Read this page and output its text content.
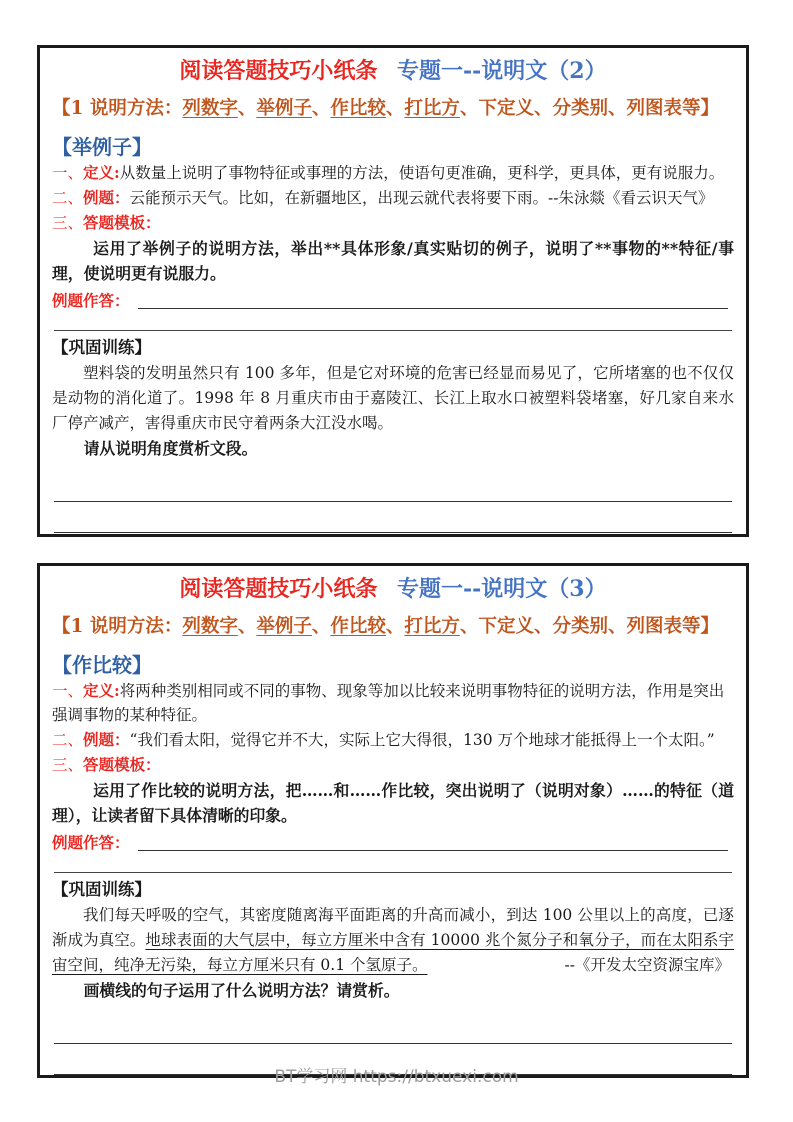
阅读答题技巧小纸条 专题一--说明文（2）
【1 说明方法：列数字、举例子、作比较、打比方、下定义、分类别、列图表等】
【举例子】
一、定义:从数量上说明了事物特征或事理的方法，使语句更准确，更科学，更具体，更有说服力。
二、例题：云能预示天气。比如，在新疆地区，出现云就代表将要下雨。--朱泳燚《看云识天气》
三、答题模板：
运用了举例子的说明方法，举出**具体形象/真实贴切的例子，说明了**事物的**特征/事理，使说明更有说服力。
例题作答：
【巩固训练】
塑料袋的发明虽然只有 100 多年，但是它对环境的危害已经显而易见了，它所堵塞的也不仅仅是动物的消化道了。1998 年 8 月重庆市由于嘉陵江、长江上取水口被塑料袋堵塞，好几家自来水厂停产减产，害得重庆市民守着两条大江没水喝。
请从说明角度赏析文段。
阅读答题技巧小纸条 专题一--说明文（3）
【1 说明方法：列数字、举例子、作比较、打比方、下定义、分类别、列图表等】
【作比较】
一、定义:将两种类别相同或不同的事物、现象等加以比较来说明事物特征的说明方法，作用是突出强调事物的某种特征。
二、例题：“我们看太阳，觉得它并不大，实际上它大得很，130 万个地球才能抵得上一个太阳。”
三、答题模板：
运用了作比较的说明方法，把……和……作比较，突出说明了（说明对象）……的特征（道理），让读者留下具体清晰的印象。
例题作答：
【巩固训练】
我们每天呼吸的空气，其密度随离海平面距离的升高而减小，到达 100 公里以上的高度，已逐渐成为真空。地球表面的大气层中，每立方厘米中含有 10000 兆个氮分子和氧分子，而在太阳系宇宙空间，纯净无污染，每立方厘米只有 0.1 个氢原子。	--《开发太空资源宝库》
画横线的句子运用了什么说明方法？请赏析。
BT学习网 https://btxuexi.com
